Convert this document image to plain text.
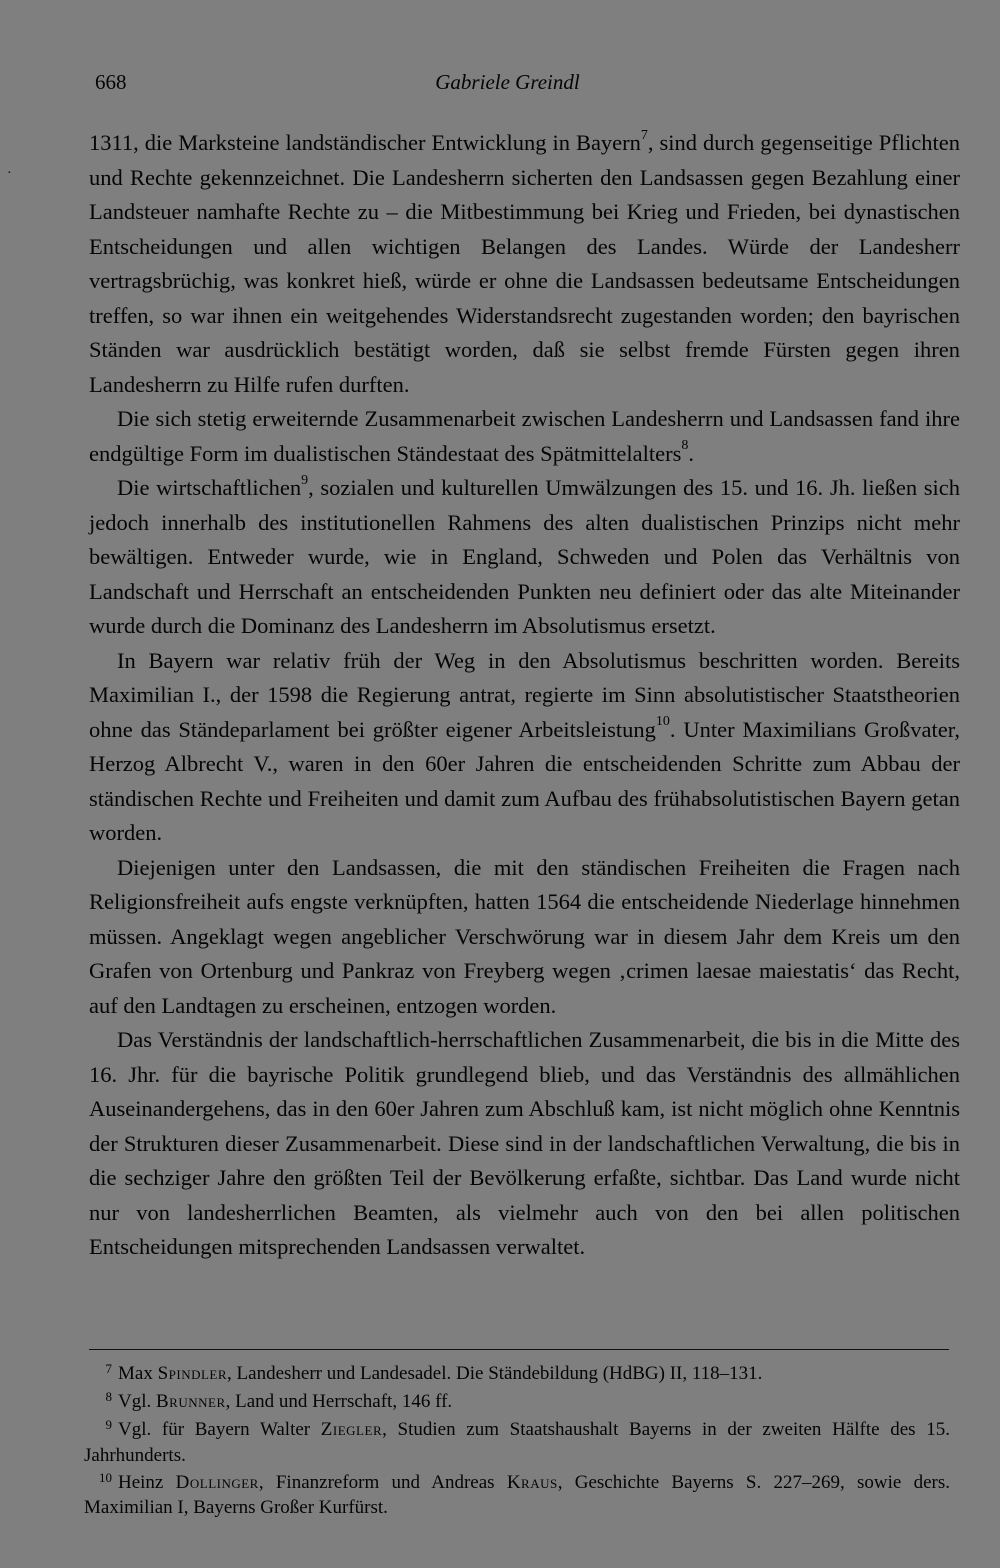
668	Gabriele Greindl
·

1311, die Marksteine landständischer Entwicklung in Bayern$^7$, sind durch gegenseitige Pflichten und Rechte gekennzeichnet. Die Landesherrn sicherten den Landsassen gegen Bezahlung einer Landsteuer namhafte Rechte zu – die Mitbestimmung bei Krieg und Frieden, bei dynastischen Entscheidungen und allen wichtigen Belangen des Landes. Würde der Landesherr vertragsbrüchig, was konkret hieß, würde er ohne die Landsassen bedeutsame Entscheidungen treffen, so war ihnen ein weitgehendes Widerstandsrecht zugestanden worden; den bayrischen Ständen war ausdrücklich bestätigt worden, daß sie selbst fremde Fürsten gegen ihren Landesherrn zu Hilfe rufen durften.

Die sich stetig erweiternde Zusammenarbeit zwischen Landesherrn und Landsassen fand ihre endgültige Form im dualistischen Ständestaat des Spätmittelalters$^8$.

Die wirtschaftlichen$^9$, sozialen und kulturellen Umwälzungen des 15. und 16. Jh. ließen sich jedoch innerhalb des institutionellen Rahmens des alten dualistischen Prinzips nicht mehr bewältigen. Entweder wurde, wie in England, Schweden und Polen das Verhältnis von Landschaft und Herrschaft an entscheidenden Punkten neu definiert oder das alte Miteinander wurde durch die Dominanz des Landesherrn im Absolutismus ersetzt.

In Bayern war relativ früh der Weg in den Absolutismus beschritten worden. Bereits Maximilian I., der 1598 die Regierung antrat, regierte im Sinn absolutistischer Staatstheorien ohne das Ständeparlament bei größter eigener Arbeitsleistung$^{10}$. Unter Maximilians Großvater, Herzog Albrecht V., waren in den 60er Jahren die entscheidenden Schritte zum Abbau der ständischen Rechte und Freiheiten und damit zum Aufbau des frühabsolutistischen Bayern getan worden.

Diejenigen unter den Landsassen, die mit den ständischen Freiheiten die Fragen nach Religionsfreiheit aufs engste verknüpften, hatten 1564 die entscheidende Niederlage hinnehmen müssen. Angeklagt wegen angeblicher Verschwörung war in diesem Jahr dem Kreis um den Grafen von Ortenburg und Pankraz von Freyberg wegen ‚crimen laesae maiestatis‘ das Recht, auf den Landtagen zu erscheinen, entzogen worden.

Das Verständnis der landschaftlich-herrschaftlichen Zusammenarbeit, die bis in die Mitte des 16. Jhr. für die bayrische Politik grundlegend blieb, und das Verständnis des allmählichen Auseinandergehens, das in den 60er Jahren zum Abschluß kam, ist nicht möglich ohne Kenntnis der Strukturen dieser Zusammenarbeit. Diese sind in der landschaftlichen Verwaltung, die bis in die sechziger Jahre den größten Teil der Bevölkerung erfaßte, sichtbar. Das Land wurde nicht nur von landesherrlichen Beamten, als vielmehr auch von den bei allen politischen Entscheidungen mitsprechenden Landsassen verwaltet.

7 Max Spindler, Landesherr und Landesadel. Die Ständebildung (HdBG) II, 118–131.

8 Vgl. Brunner, Land und Herrschaft, 146 ff.

9 Vgl. für Bayern Walter Ziegler, Studien zum Staatshaushalt Bayerns in der zweiten Hälfte des 15. Jahrhunderts.

10 Heinz Dollinger, Finanzreform und Andreas Kraus, Geschichte Bayerns S. 227–269, sowie ders. Maximilian I, Bayerns Großer Kurfürst.
